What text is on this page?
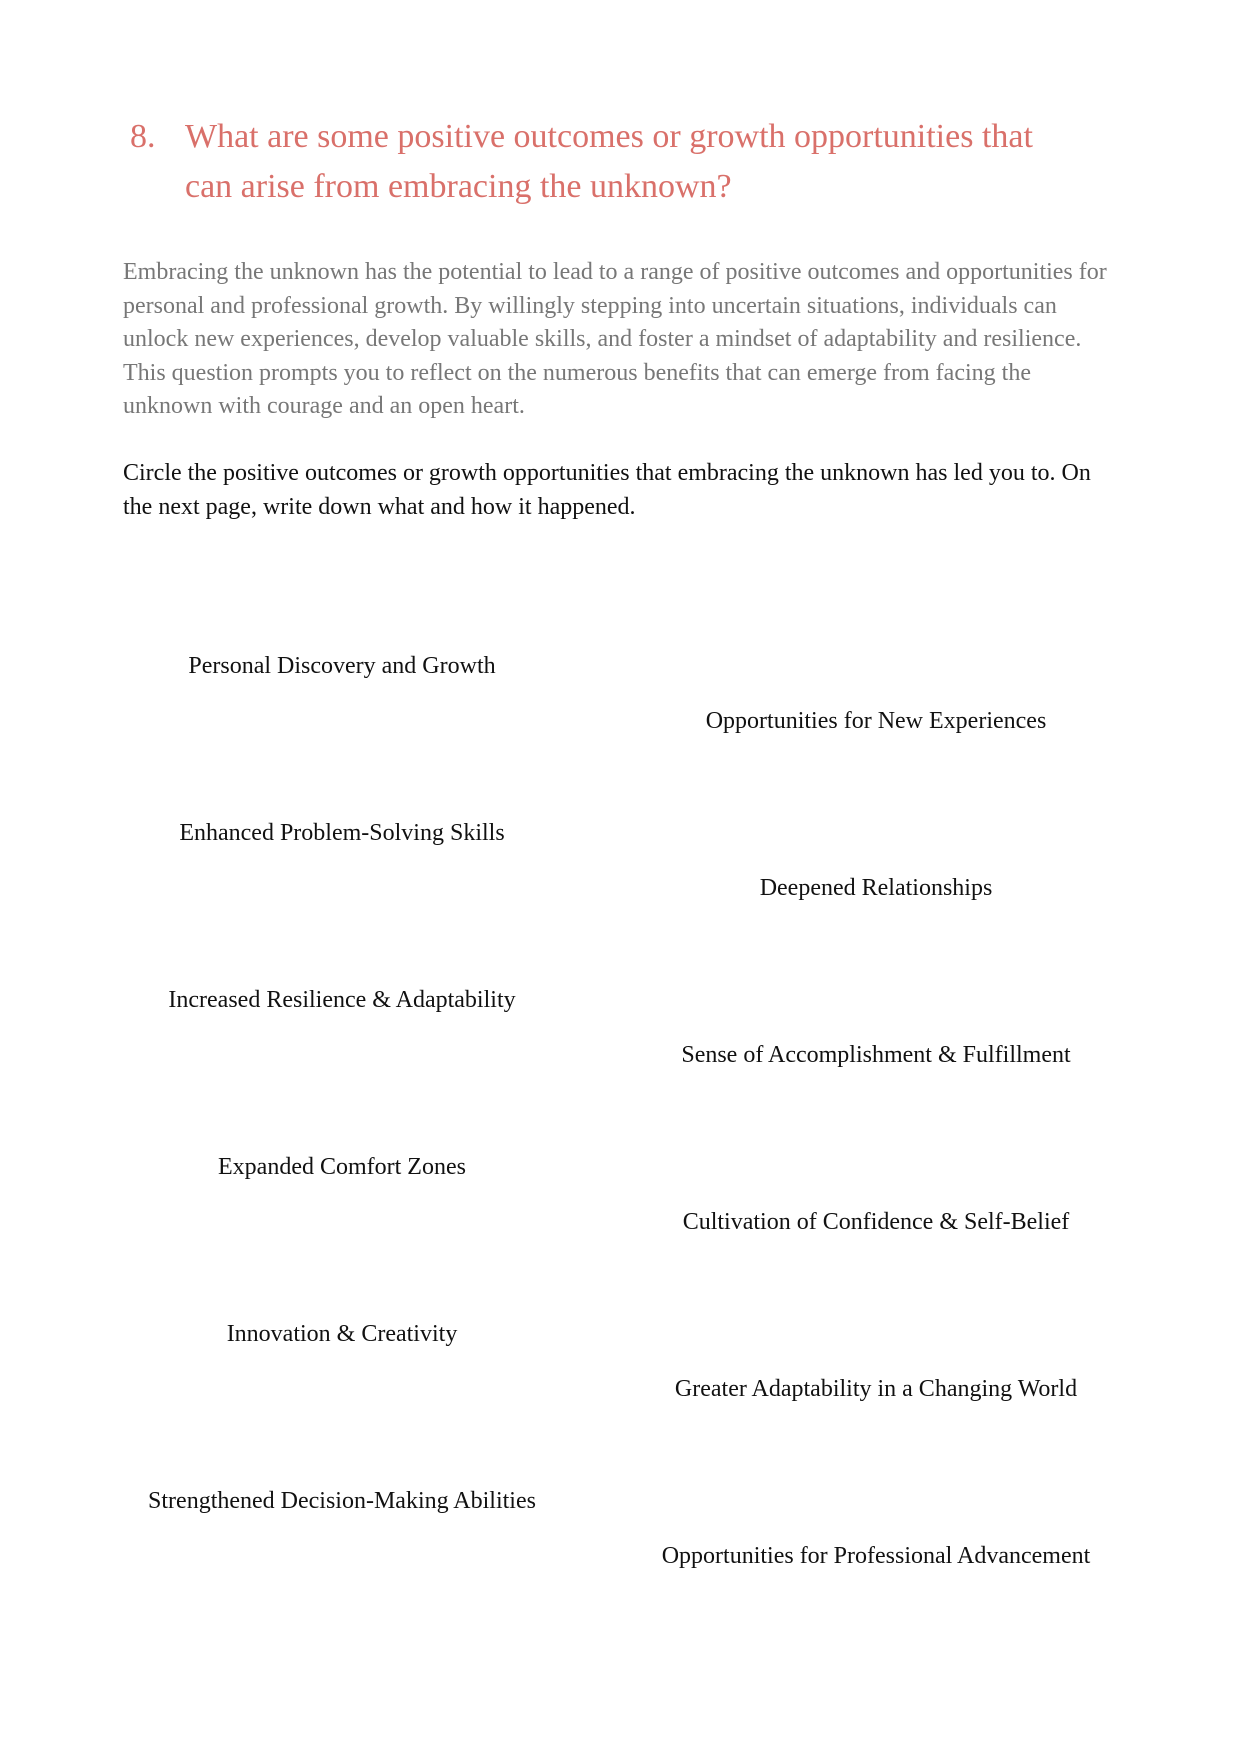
8. What are some positive outcomes or growth opportunities that can arise from embracing the unknown?
Embracing the unknown has the potential to lead to a range of positive outcomes and opportunities for personal and professional growth. By willingly stepping into uncertain situations, individuals can unlock new experiences, develop valuable skills, and foster a mindset of adaptability and resilience. This question prompts you to reflect on the numerous benefits that can emerge from facing the unknown with courage and an open heart.
Circle the positive outcomes or growth opportunities that embracing the unknown has led you to. On the next page, write down what and how it happened.
Personal Discovery and Growth
Opportunities for New Experiences
Enhanced Problem-Solving Skills
Deepened Relationships
Increased Resilience & Adaptability
Sense of Accomplishment & Fulfillment
Expanded Comfort Zones
Cultivation of Confidence & Self-Belief
Innovation & Creativity
Greater Adaptability in a Changing World
Strengthened Decision-Making Abilities
Opportunities for Professional Advancement
